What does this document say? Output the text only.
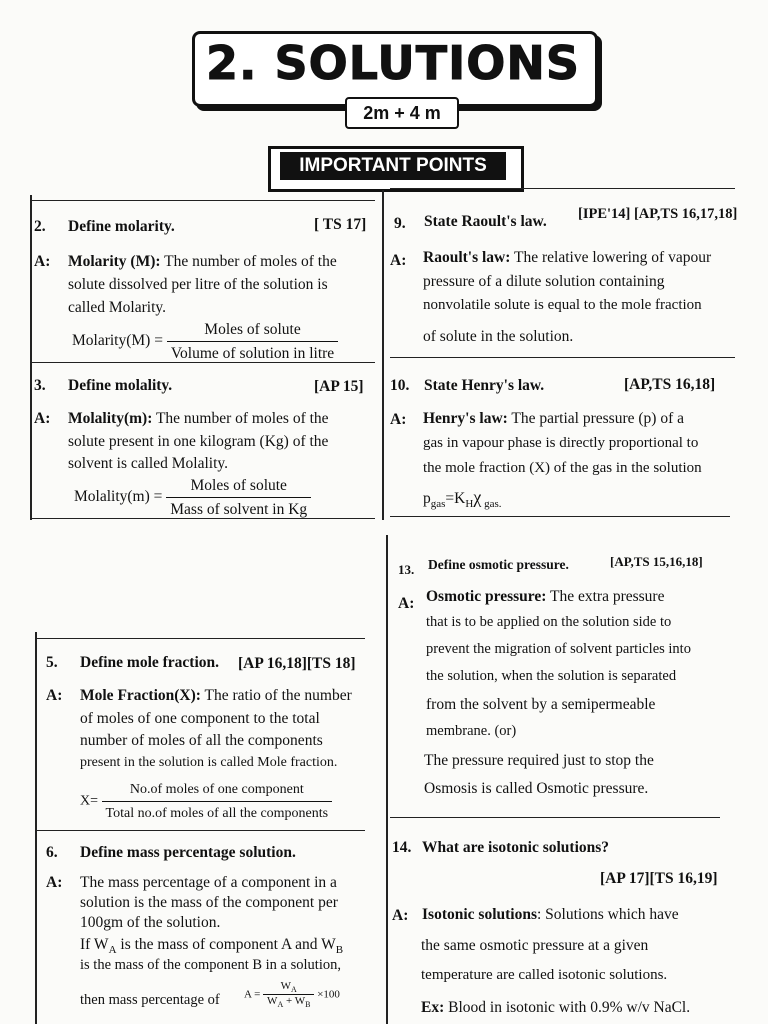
2. SOLUTIONS
2m + 4 m
IMPORTANT POINTS
2. Define molarity.	[ TS 17]
A: Molarity (M): The number of moles of the
solute dissolved per litre of the solution is
called Molarity.
Molarity(M) = $\frac{\text{Moles of solute}}{\text{Volume of solution in litre}}$
3. Define molality.	[AP 15]
A: Molality(m): The number of moles of the
solute present in one kilogram (Kg) of the
solvent is called Molality.
Molality(m) = $\frac{\text{Moles of solute}}{\text{Mass of solvent in Kg}}$
9. State Raoult's law. [IPE'14] [AP,TS 16,17,18]
A: Raoult's law: The relative lowering of vapour
pressure of a dilute solution containing
nonvolatile solute is equal to the mole fraction
of solute in the solution.
10. State Henry's law.	[AP,TS 16,18]
A: Henry's law: The partial pressure (p) of a
gas in vapour phase is directly proportional to
the mole fraction (X) of the gas in the solution
$p_{gas}=K_H\chi$ $_{gas.}$
13. Define osmotic pressure.	[AP,TS 15,16,18]
A: Osmotic pressure: The extra pressure
that is to be applied on the solution side to
prevent the migration of solvent particles into
the solution, when the solution is separated
from the solvent by a semipermeable
membrane. (or)
The pressure required just to stop the
Osmosis is called Osmotic pressure.
5. Define mole fraction. [AP 16,18][TS 18]
A: Mole Fraction(X): The ratio of the number
of moles of one component to the total
number of moles of all the components
present in the solution is called Mole fraction.
$X= \frac{\text{No.of moles of one component}}{\text{Total no.of moles of all the components}}$
6. Define mass percentage solution.
A: The mass percentage of a component in a
solution is the mass of the component per
100gm of the solution.
If $W_A$ is the mass of component A and $W_B$
is the mass of the component B in a solution,
then mass percentage of $A = \frac{W_A}{W_A + W_B} \times 100$
14. What are isotonic solutions?
[AP 17][TS 16,19]
A: Isotonic solutions: Solutions which have
the same osmotic pressure at a given
temperature are called isotonic solutions.
Ex: Blood in isotonic with 0.9% w/v NaCl.
